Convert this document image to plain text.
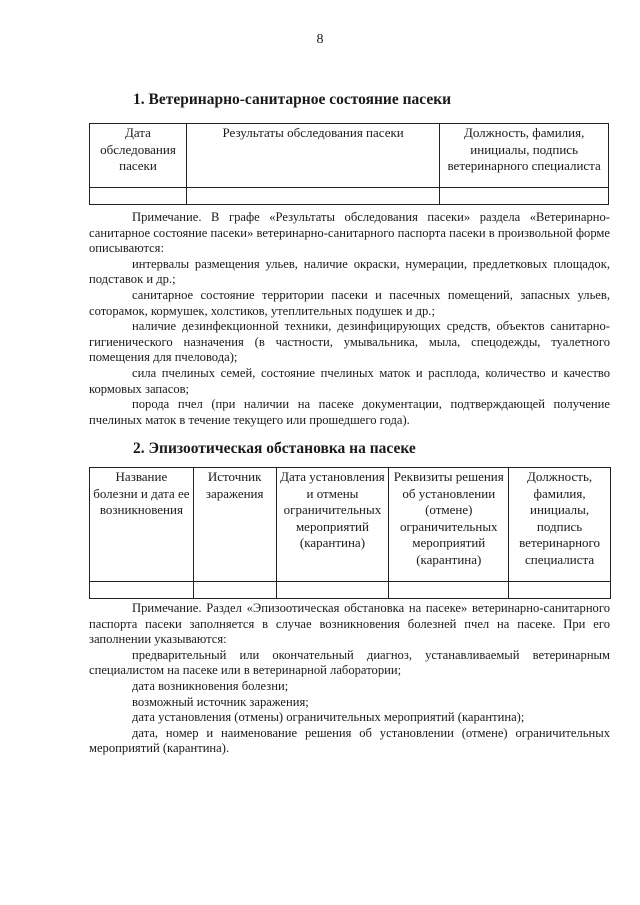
8
1. Ветеринарно-санитарное состояние пасеки
Дата обследования пасеки	Результаты обследования пасеки	Должность, фамилия, инициалы, подпись ветеринарного специалиста

Примечание. В графе «Результаты обследования пасеки» раздела «Ветеринарно-санитарное состояние пасеки» ветеринарно-санитарного паспорта пасеки в произвольной форме описываются:

интервалы размещения ульев, наличие окраски, нумерации, предлетковых площадок, подставок и др.;

санитарное состояние территории пасеки и пасечных помещений, запасных ульев, соторамок, кормушек, холстиков, утеплительных подушек и др.;

наличие дезинфекционной техники, дезинфицирующих средств, объектов санитарно-гигиенического назначения (в частности, умывальника, мыла, спецодежды, туалетного помещения для пчеловода);

сила пчелиных семей, состояние пчелиных маток и расплода, количество и качество кормовых запасов;

порода пчел (при наличии на пасеке документации, подтверждающей получение пчелиных маток в течение текущего или прошедшего года).

2. Эпизоотическая обстановка на пасеке
Название болезни и дата ее возникновения	Источник заражения	Дата установления и отмены ограничительных мероприятий (карантина)	Реквизиты решения об установлении (отмене) ограничительных мероприятий (карантина)	Должность, фамилия, инициалы, подпись ветеринарного специалиста

Примечание. Раздел «Эпизоотическая обстановка на пасеке» ветеринарно-санитарного паспорта пасеки заполняется в случае возникновения болезней пчел на пасеке. При его заполнении указываются:

предварительный или окончательный диагноз, устанавливаемый ветеринарным специалистом на пасеке или в ветеринарной лаборатории;

дата возникновения болезни;

возможный источник заражения;

дата установления (отмены) ограничительных мероприятий (карантина);

дата, номер и наименование решения об установлении (отмене) ограничительных мероприятий (карантина).
